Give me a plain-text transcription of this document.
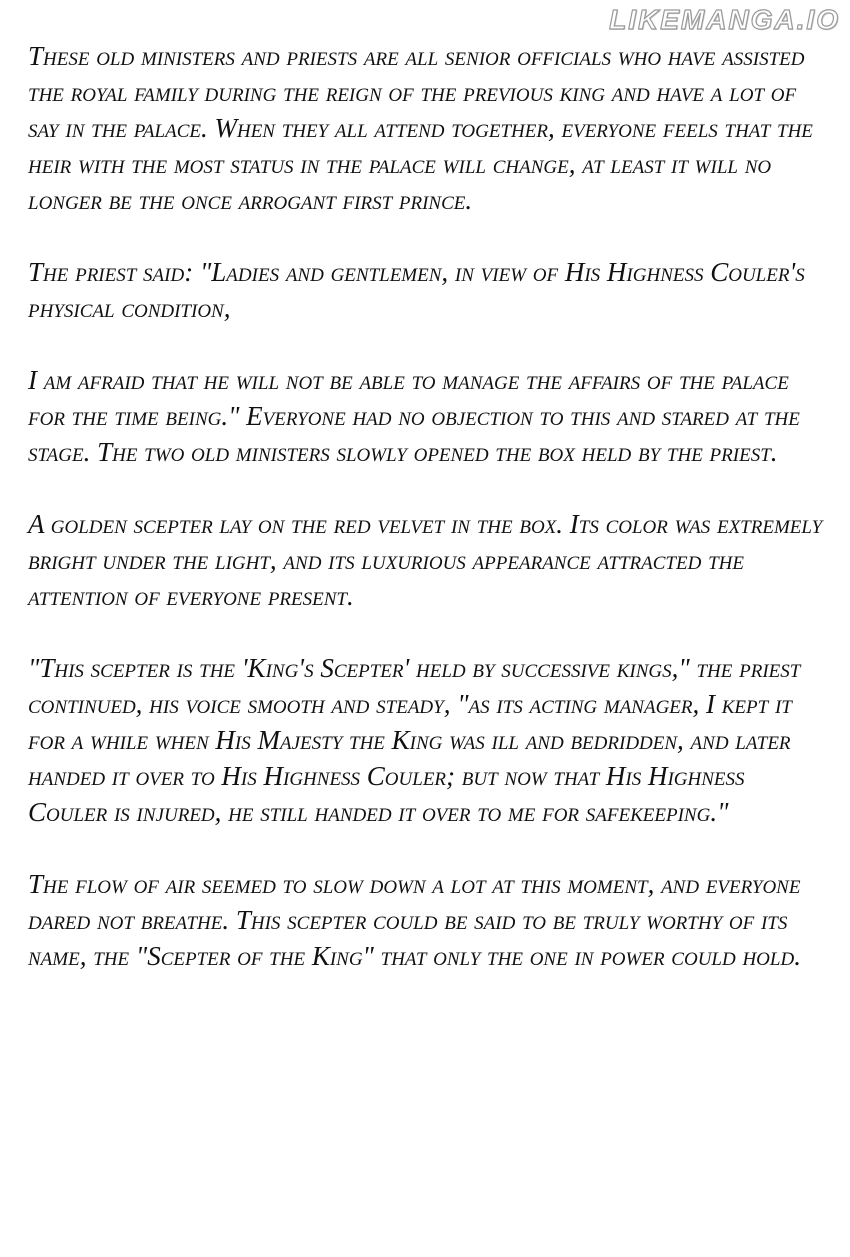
LIKEMANGA.IO

These old ministers and priests are all senior officials who have assisted the royal family during the reign of the previous king and have a lot of say in the palace. When they all attend together, everyone feels that the heir with the most status in the palace will change, at least it will no longer be the once arrogant first prince.

The priest said: "Ladies and gentlemen, in view of His Highness Couler's physical condition,

I am afraid that he will not be able to manage the affairs of the palace for the time being." Everyone had no objection to this and stared at the stage. The two old ministers slowly opened the box held by the priest.

A golden scepter lay on the red velvet in the box. Its color was extremely bright under the light, and its luxurious appearance attracted the attention of everyone present.

"This scepter is the 'King's Scepter' held by successive kings," the priest continued, his voice smooth and steady, "as its acting manager, I kept it for a while when His Majesty the King was ill and bedridden, and later handed it over to His Highness Couler; but now that His Highness Couler is injured, he still handed it over to me for safekeeping."

The flow of air seemed to slow down a lot at this moment, and everyone dared not breathe. This scepter could be said to be truly worthy of its name, the "Scepter of the King" that only the one in power could hold.
